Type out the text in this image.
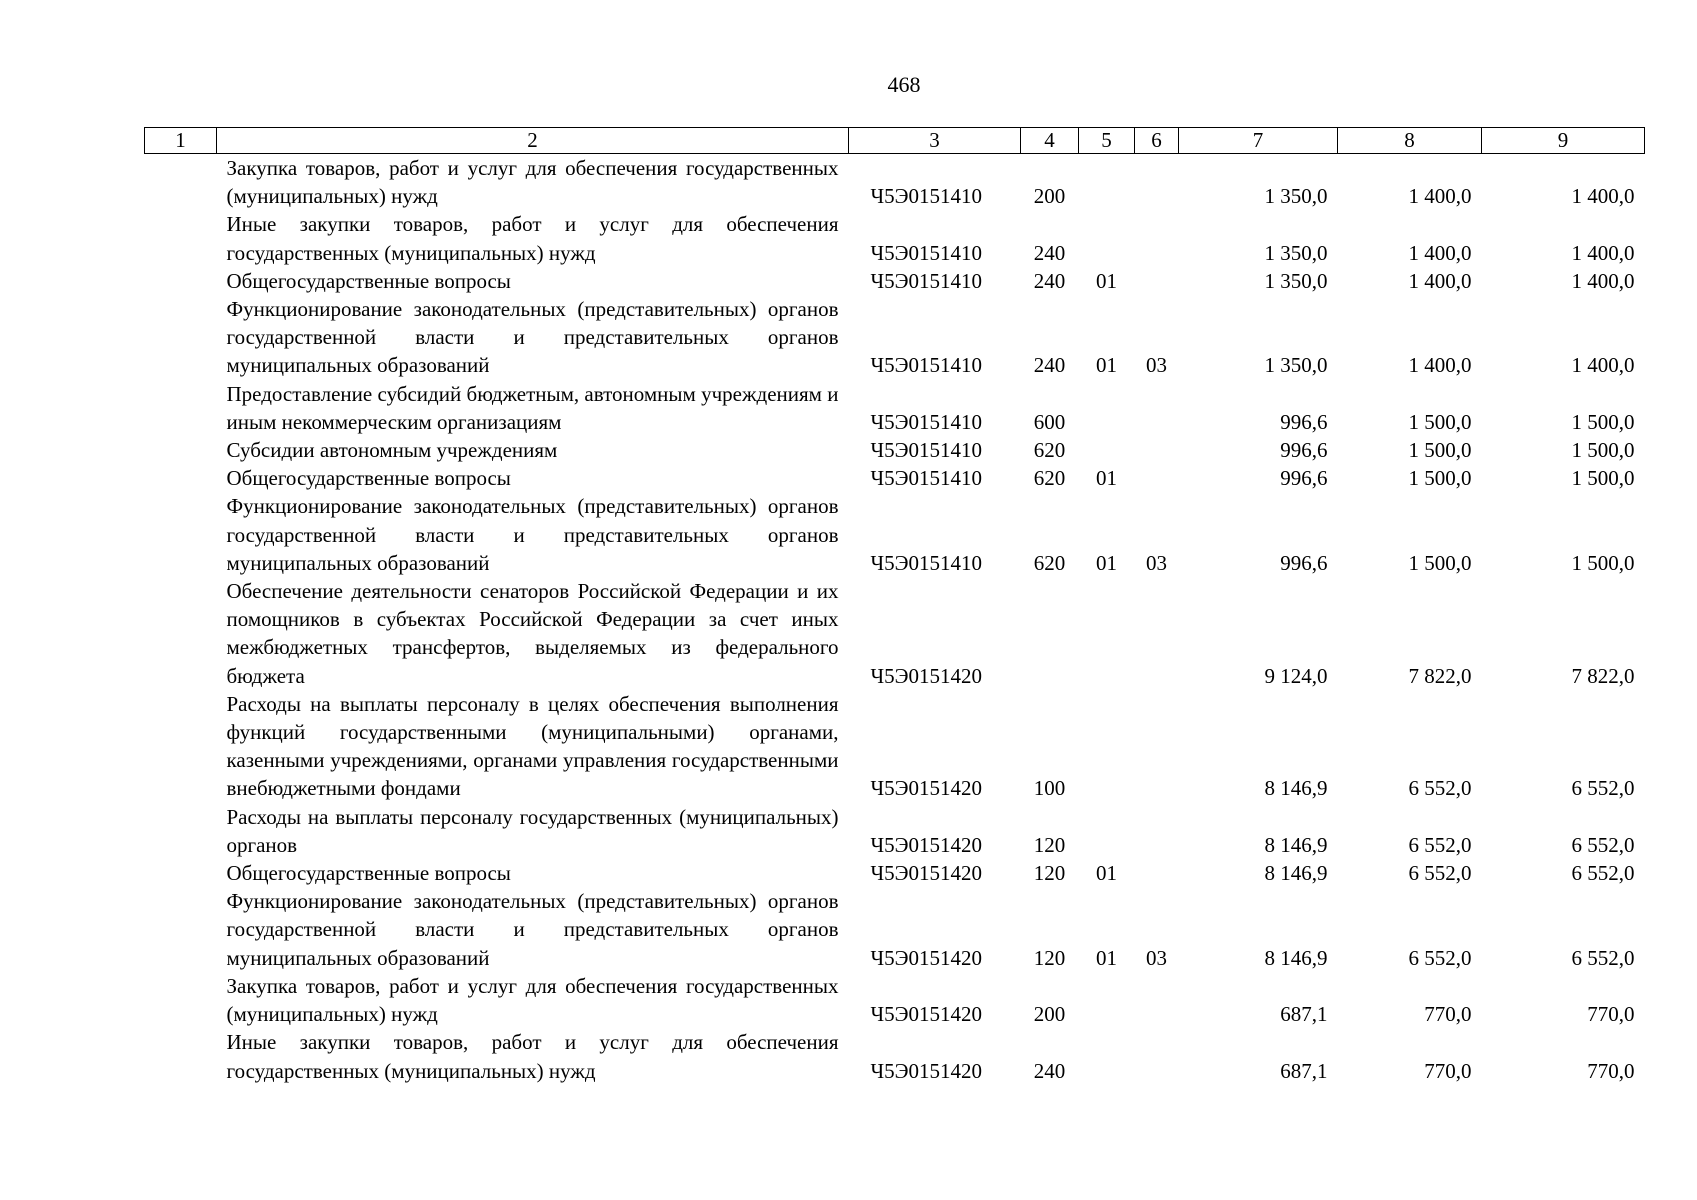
468
1	2	3	4	5	6	7	8	9
	Закупка товаров, работ и услуг для обеспечения государственных (муниципальных) нужд	Ч5Э0151410	200			1 350,0	1 400,0	1 400,0
	Иные закупки товаров, работ и услуг для обеспечения государственных (муниципальных) нужд	Ч5Э0151410	240			1 350,0	1 400,0	1 400,0
	Общегосударственные вопросы	Ч5Э0151410	240	01		1 350,0	1 400,0	1 400,0
	Функционирование законодательных (представительных) органов государственной власти и представительных органов муниципальных образований	Ч5Э0151410	240	01	03	1 350,0	1 400,0	1 400,0
	Предоставление субсидий бюджетным, автономным учреждениям и иным некоммерческим организациям	Ч5Э0151410	600			996,6	1 500,0	1 500,0
	Субсидии автономным учреждениям	Ч5Э0151410	620			996,6	1 500,0	1 500,0
	Общегосударственные вопросы	Ч5Э0151410	620	01		996,6	1 500,0	1 500,0
	Функционирование законодательных (представительных) органов государственной власти и представительных органов муниципальных образований	Ч5Э0151410	620	01	03	996,6	1 500,0	1 500,0
	Обеспечение деятельности сенаторов Российской Федерации и их помощников в субъектах Российской Федерации за счет иных межбюджетных трансфертов, выделяемых из федерального бюджета	Ч5Э0151420				9 124,0	7 822,0	7 822,0
	Расходы на выплаты персоналу в целях обеспечения выполнения функций государственными (муниципальными) органами, казенными учреждениями, органами управления государственными внебюджетными фондами	Ч5Э0151420	100			8 146,9	6 552,0	6 552,0
	Расходы на выплаты персоналу государственных (муниципальных) органов	Ч5Э0151420	120			8 146,9	6 552,0	6 552,0
	Общегосударственные вопросы	Ч5Э0151420	120	01		8 146,9	6 552,0	6 552,0
	Функционирование законодательных (представительных) органов государственной власти и представительных органов муниципальных образований	Ч5Э0151420	120	01	03	8 146,9	6 552,0	6 552,0
	Закупка товаров, работ и услуг для обеспечения государственных (муниципальных) нужд	Ч5Э0151420	200			687,1	770,0	770,0
	Иные закупки товаров, работ и услуг для обеспечения государственных (муниципальных) нужд	Ч5Э0151420	240			687,1	770,0	770,0
